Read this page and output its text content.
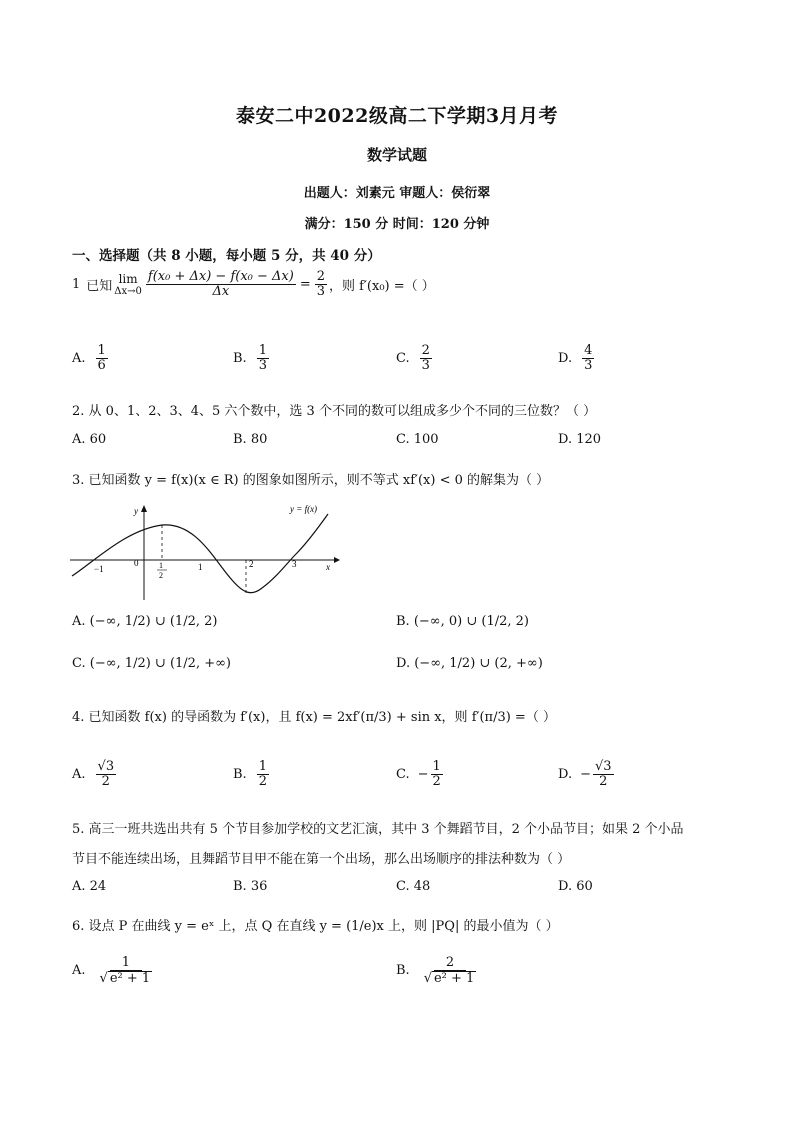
泰安二中2022级高二下学期3月月考
数学试题
出题人：刘素元 审题人：侯衍翠
满分：150 分 时间：120 分钟
一、选择题（共 8 小题，每小题 5 分，共 40 分）
1 已知 lim
$\Delta x\to 0 \frac{\text{f(x₀ + Δx) − f(x₀ − Δx)}}{\Delta x} = \frac{2}{3}$ ，则 f′(x₀) =（ ）
A. $\frac{1}{6}$	B. $\frac{1}{3}$	C. $\frac{2}{3}$	D. $\frac{4}{3}$
2. 从 0、1、2、3、4、5 六个数中，选 3 个不同的数可以组成多少个不同的三位数？（ ）
A. 60	B. 80	C. 100	D. 120
3. 已知函数 y = f(x)(x ∈ R) 的图象如图所示，则不等式 xf′(x) < 0 的解集为（ ）
y = f(x)
y
x
−1
0	1
2
1	2	3
A. (−∞, 1/2) ∪ (1/2, 2)	B. (−∞, 0) ∪ (1/2, 2)
C. (−∞, 1/2) ∪ (1/2, +∞)	D. (−∞, 1/2) ∪ (2, +∞)
4. 已知函数 f(x) 的导函数为 f′(x)，且 f(x) = 2xf′(π/3) + sin x，则 f′(π/3) =（ ）
A. $\frac{√3}{2}$	B. $\frac{1}{2}$	C. − $\frac{1}{2}$	D. − $\frac{√3}{2}$
5. 高三一班共选出共有 5 个节目参加学校的文艺汇演，其中 3 个舞蹈节目，2 个小品节目；如果 2 个小品
节目不能连续出场，且舞蹈节目甲不能在第一个出场，那么出场顺序的排法种数为（ ）
A. 24	B. 36	C. 48	D. 60
6. 设点 P 在曲线 y = eˣ 上，点 Q 在直线 y = (1/e)x 上，则 |PQ| 的最小值为（ ）
A. $\frac{1}{\text{√ e² + 1}}$	B. $\frac{2}{\text{√ e² + 1}}$
